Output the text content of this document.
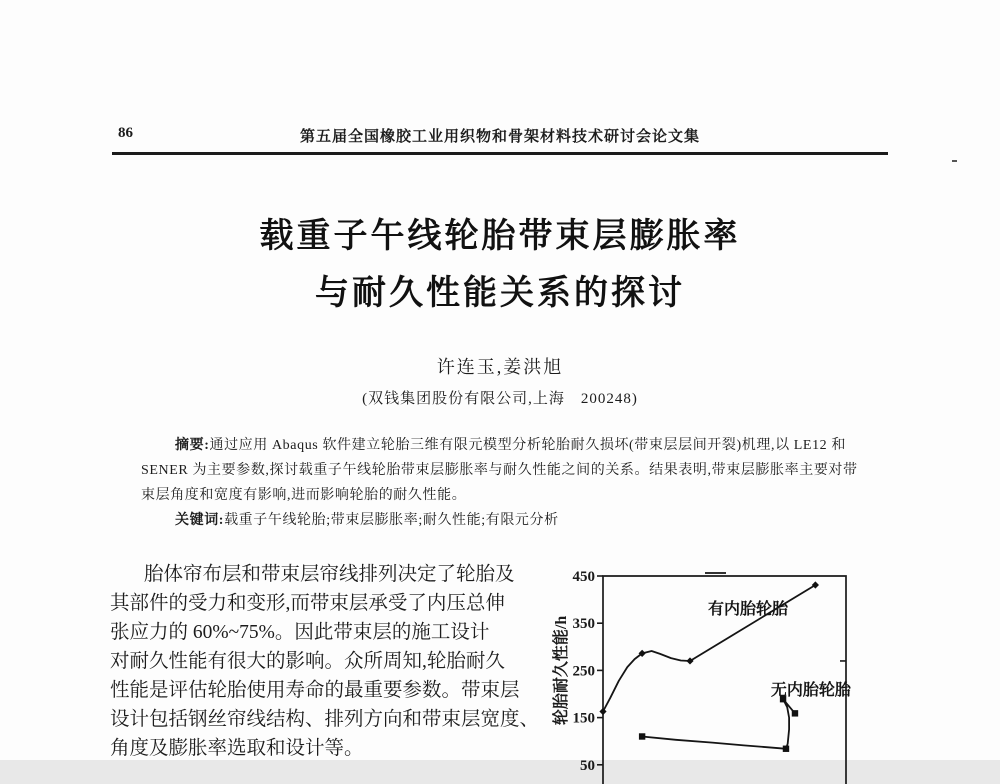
86	第五届全国橡胶工业用织物和骨架材料技术研讨会论文集
载重子午线轮胎带束层膨胀率
与耐久性能关系的探讨
许连玉,姜洪旭
(双钱集团股份有限公司,上海　200248)
摘要:通过应用 Abaqus 软件建立轮胎三维有限元模型分析轮胎耐久损坏(带束层层间开裂)机理,以 LE12 和
SENER 为主要参数,探讨载重子午线轮胎带束层膨胀率与耐久性能之间的关系。结果表明,带束层膨胀率主要对带
束层角度和宽度有影响,进而影响轮胎的耐久性能。
关键词:载重子午线轮胎;带束层膨胀率;耐久性能;有限元分析
胎体帘布层和带束层帘线排列决定了轮胎及
其部件的受力和变形,而带束层承受了内压总伸
张应力的 60%~75%。因此带束层的施工设计
对耐久性能有很大的影响。众所周知,轮胎耐久
性能是评估轮胎使用寿命的最重要参数。带束层
设计包括钢丝帘线结构、排列方向和带束层宽度、
角度及膨胀率选取和设计等。
450
350
250
150
50
轮胎耐久性能/h
有内胎轮胎
无内胎轮胎
